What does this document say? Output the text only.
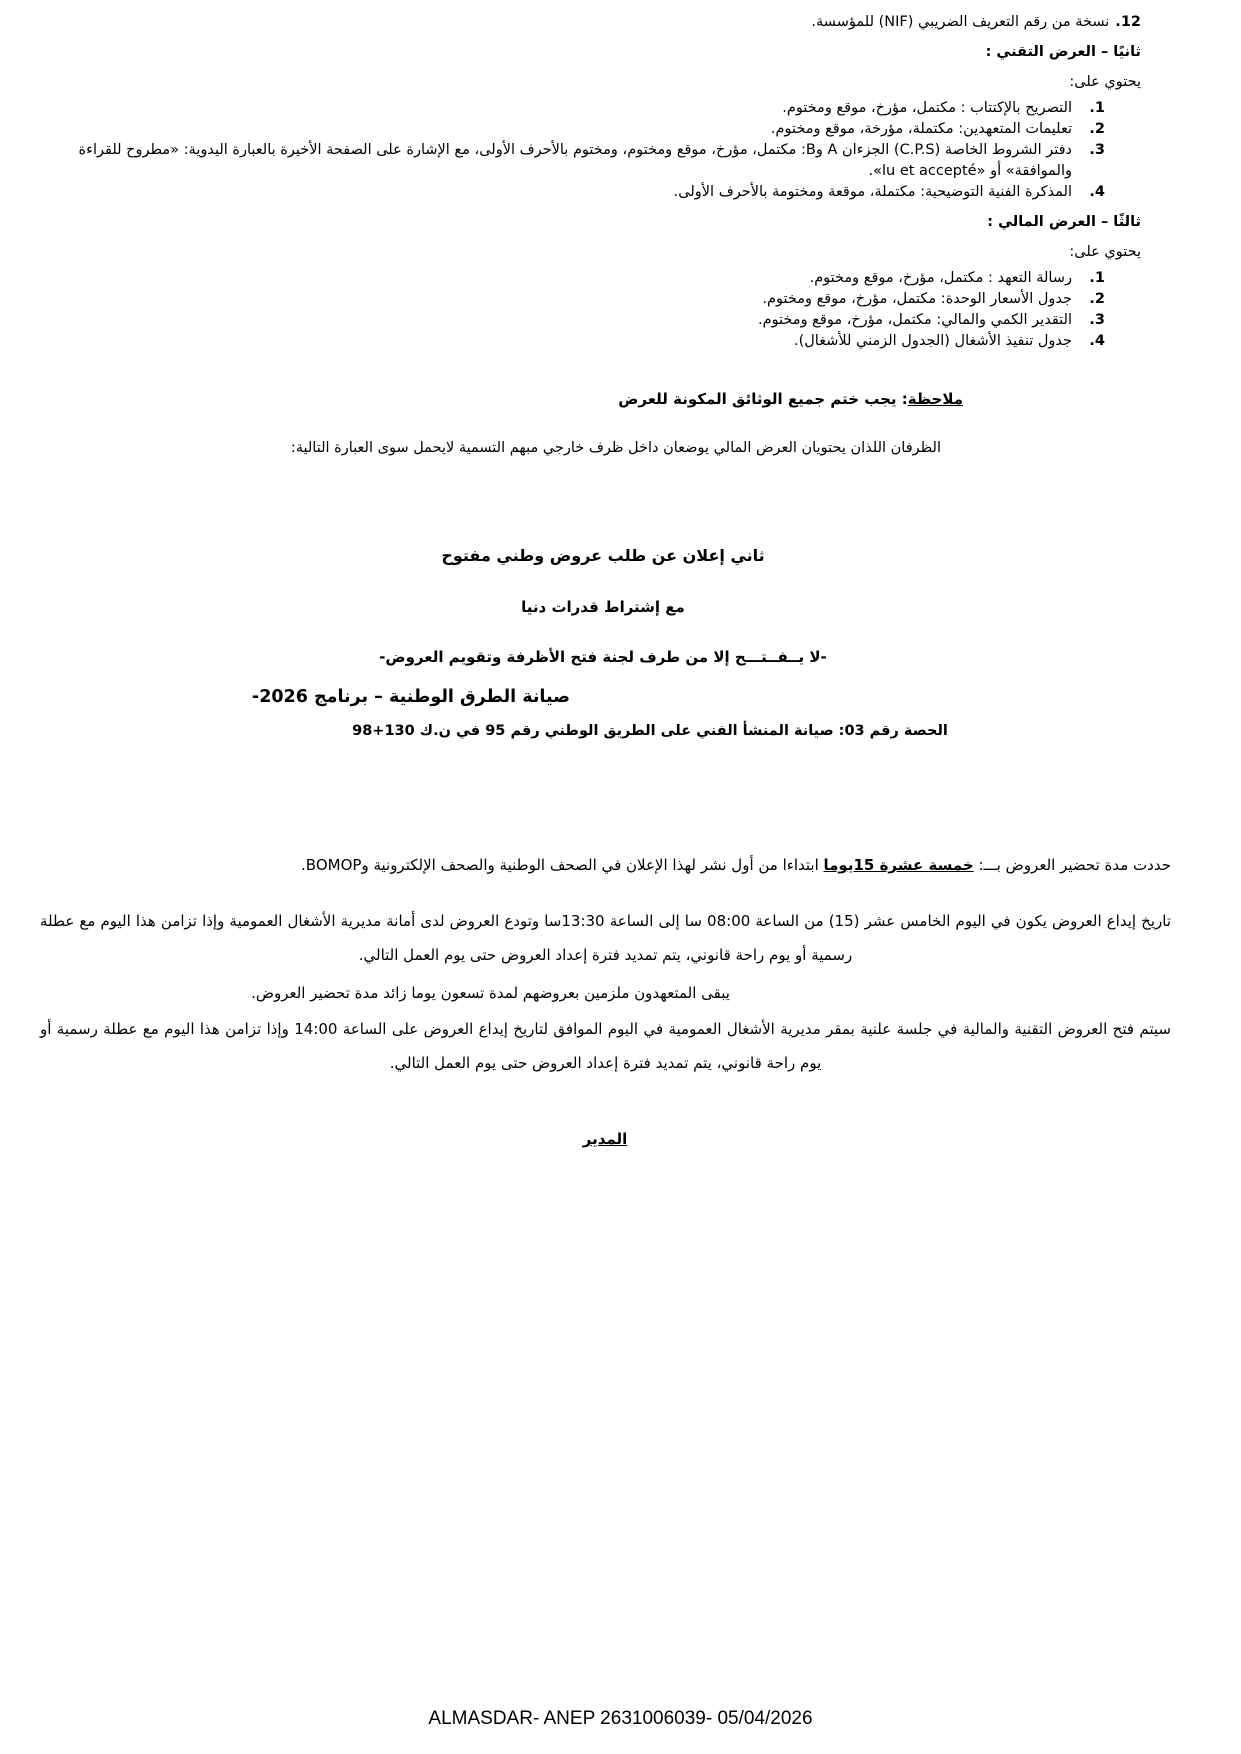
12.نسخة من رقم التعريف الضريبي (NIF) للمؤسسة.
ثانيًا – العرض التقني :
يحتوي على:
1.
التصريح بالإكتتاب : مكتمل، مؤرخ، موقع ومختوم.
2.
تعليمات المتعهدين: مكتملة، مؤرخة، موقع ومختوم.
3.
دفتر الشروط الخاصة (C.P.S) الجزءان A وB: مكتمل، مؤرخ، موقع ومختوم، ومختوم بالأحرف الأولى، مع الإشارة على الصفحة الأخيرة بالعبارة اليدوية: «مطروح للقراءة والموافقة» أو «lu et accepté».
4.
المذكرة الفنية التوضيحية: مكتملة، موقعة ومختومة بالأحرف الأولى.
ثالثًا – العرض المالي :
يحتوي على:
1.
رسالة التعهد : مكتمل، مؤرخ، موقع ومختوم.
2.
جدول الأسعار الوحدة: مكتمل، مؤرخ، موقع ومختوم.
3.
التقدير الكمي والمالي: مكتمل، مؤرخ، موقع ومختوم.
4.
جدول تنفيذ الأشغال (الجدول الزمني للأشغال).
ملاحظة: يجب ختم جميع الوثائق المكونة للعرض
الظرفان اللذان يحتويان العرض المالي يوضعان داخل ظرف خارجي مبهم التسمية لايحمل سوى العبارة التالية:
ثاني إعلان عن طلب عروض وطني مفتوح
مع إشتراط قدرات دنيا
-لا يــفــتـــح إلا من طرف لجنة فتح الأظرفة وتقويم العروض-
صيانة الطرق الوطنية – برنامج 2026-
الحصة رقم 03: صيانة المنشأ الفني على الطريق الوطني رقم 95 في ن.ك 130+98

حددت مدة تحضير العروض بـــ: خمسة عشرة 15يوما ابتداءا من أول نشر لهذا الإعلان في الصحف الوطنية والصحف الإلكترونية وBOMOP.

تاريخ إيداع العروض يكون في اليوم الخامس عشر (15) من الساعة 08:00 سا إلى الساعة 13:30سا وتودع العروض لدى أمانة مديرية الأشغال العمومية وإذا تزامن هذا اليوم مع عطلة رسمية أو يوم راحة قانوني، يتم تمديد فترة إعداد العروض حتى يوم العمل التالي.

يبقى المتعهدون ملزمين بعروضهم لمدة تسعون يوما زائد مدة تحضير العروض.

سيتم فتح العروض التقنية والمالية في جلسة علنية بمقر مديرية الأشغال العمومية في اليوم الموافق لتاريخ إيداع العروض على الساعة 14:00 وإذا تزامن هذا اليوم مع عطلة رسمية أو يوم راحة قانوني، يتم تمديد فترة إعداد العروض حتى يوم العمل التالي.

المدير
ALMASDAR- ANEP 2631006039- 05/04/2026
